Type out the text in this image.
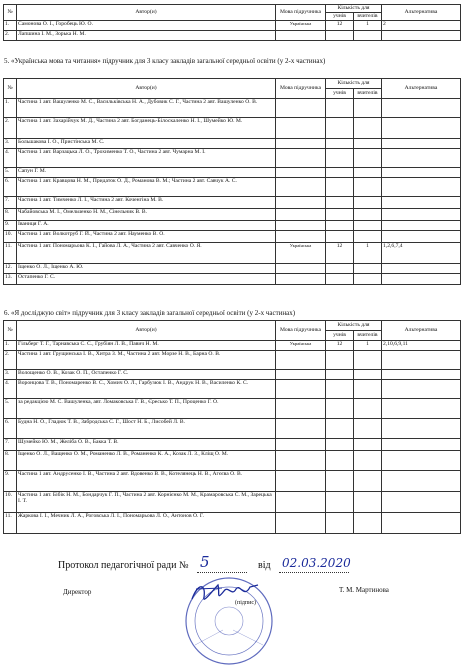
№	Автор(и)	Мова підручника	Кількість для		Альтернатива
			учнів	вчителів	
1.	Самонова О. І., Горобець Ю. О.	Українська	12	1	2
2.	Лапшина І. М., Зорька Н. М.				
5. «Українська мова та читання» підручник для 3 класу закладів загальної середньої освіти (у 2-х частинах)
№	Автор(и)	Мова підручника	Кількість для		Альтернатива
			учнів	вчителів	
1.	Частина 1 авт. Вашуленко М. С., Васильківська Н. А., Дубовик С. Г., Частина 2 авт. Вашуленко О. В.				
2.	Частина 1 авт. Захарійчук М. Д., Частина 2 авт. Богданець-Білоскаленко Н. І., Шумейко Ю. М.				
3.	Большакова І. О., Пристінська М. С.				
4.	Частина 1 авт. Варзацька Л. О., Трохименко Т. О., Частина 2 авт. Чумарна М. І.				
5.	Сапун Г. М.				
6.	Частина 1 авт. Кравцова Н. М., Придаток О. Д., Романова В. М.; Частина 2 авт. Савчук А. С.				
7.	Частина 1 авт. Тимченко Л. І., Частина 2 авт. Коченгіна М. В.				
8.	Чабайовська М. І., Омельченко Н. М., Сінельник В. В.				
9.	Іваниця Г. А.				
10.	Частина 1 авт. Волкотруб Г. Й., Частина 2 авт. Науменко В. О.				
11.	Частина 1 авт. Пономарьова К. І., Гайова Л. А., Частина 2 авт. Савченко О. Я.	Українська	12	1	1,2,6,7,4
12.	Іщенко О. Л., Іщенко А. Ю.				
13.	Остапенко Г. С.				
6. «Я досліджую світ» підручник для 3 класу закладів загальної середньої освіти (у 2-х частинах)
№	Автор(и)	Мова підручника	Кількість для		Альтернатива
			учнів	вчителів	
1.	Гільберг Т. Г., Тарнавська С. С., Грубіян Л. В., Павич Н. М.	Українська	12	1	2,10,6,9,11
2.	Частина 1 авт. Грущинська І. В., Хитра З. М., Частина 2 авт. Морзе Н. В., Барна О. В.				
3.	Волощенко О. В., Козак О. П., Остапенко Г. С.				
4.	Воронцова Т. В., Пономаренко В. С., Хомич О. Л., Гарбузюк І. В., Андрук Н. В., Василенко К. С.				
5.	за редакцією М. С. Вашуленка, авт. Ломаковська Г. В., Єресько Т. П., Проценко Г. О.				
6.	Будна Н. О., Гладюк Т. В., Забродська С. Г., Шост Н. Б., Лисобей Л. В.				
7.	Шумейко Ю. М., Желіба О. В., Бакка Т. В.				
8.	Іщенко О. Л., Ващенко О. М., Романенко Л. В., Романенко К. А., Козак Л. З., Кліщ О. М.				
9.	Частина 1 авт. Андрусенко І. В., Частина 2 авт. Вдовенко В. В., Котелянець Н. В., Агєєва О. В.				
10.	Частина 1 авт. Бібік Н. М., Бондарчук Г. П., Частина 2 авт. Корнієнко М. М., Крамаровська С. М., Зарецька І. Т.				
11.	Жаркова І. І., Мечник Л. А., Роговська Л. І., Пономарьова Л. О., Антонов О. Г.				
Протокол педагогічної ради № 5	від 02.03.2020
Директор
(підпис)
Т. М. Мартинова
